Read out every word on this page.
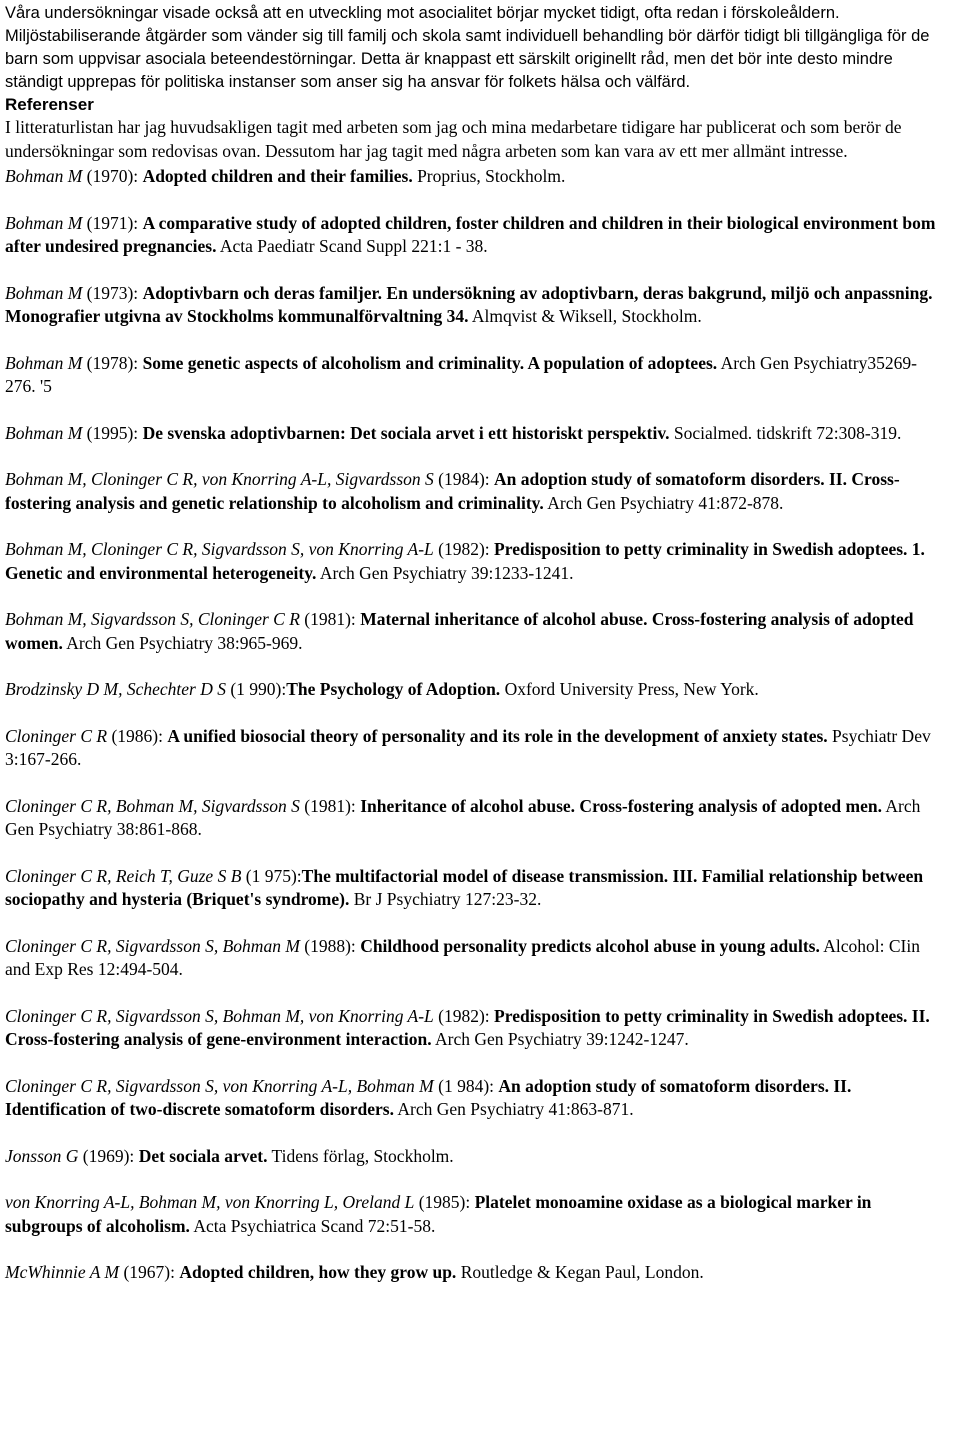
Våra undersökningar visade också att en utveckling mot asocialitet börjar mycket tidigt, ofta redan i förskoleåldern. Miljöstabiliserande åtgärder som vänder sig till familj och skola samt individuell behandling bör därför tidigt bli tillgängliga för de barn som uppvisar asociala beteendestörningar. Detta är knappast ett särskilt originellt råd, men det bör inte desto mindre ständigt upprepas för politiska instanser som anser sig ha ansvar för folkets hälsa och välfärd.

Referenser

I litteraturlistan har jag huvudsakligen tagit med arbeten som jag och mina medarbetare tidigare har publicerat och som berör de undersökningar som redovisas ovan. Dessutom har jag tagit med några arbeten som kan vara av ett mer allmänt intresse.

Bohman M (1970): Adopted children and their families. Proprius, Stockholm.

Bohman M (1971): A comparative study of adopted children, foster children and children in their biological environment bom after undesired pregnancies. Acta Paediatr Scand Suppl 221:1 - 38.

Bohman M (1973): Adoptivbarn och deras familjer. En undersökning av adoptivbarn, deras bakgrund, miljö och anpassning. Monografier utgivna av Stockholms kommunalförvaltning 34. Almqvist & Wiksell, Stockholm.

Bohman M (1978): Some genetic aspects of alcoholism and criminality. A population of adoptees. Arch Gen Psychiatry35269-276. '5

Bohman M (1995): De svenska adoptivbarnen: Det sociala arvet i ett historiskt perspektiv. Socialmed. tidskrift 72:308-319.

Bohman M, Cloninger C R, von Knorring A-L, Sigvardsson S (1984): An adoption study of somatoform disorders. II. Cross-fostering analysis and genetic relationship to alcoholism and criminality. Arch Gen Psychiatry 41:872-878.

Bohman M, Cloninger C R, Sigvardsson S, von Knorring A-L (1982): Predisposition to petty criminality in Swedish adoptees. 1. Genetic and environmental heterogeneity. Arch Gen Psychiatry 39:1233-1241.

Bohman M, Sigvardsson S, Cloninger C R (1981): Maternal inheritance of alcohol abuse. Cross-fostering analysis of adopted women. Arch Gen Psychiatry 38:965-969.

Brodzinsky D M, Schechter D S (1 990):The Psychology of Adoption. Oxford University Press, New York.

Cloninger C R (1986): A unified biosocial theory of personality and its role in the development of anxiety states. Psychiatr Dev 3:167-266.

Cloninger C R, Bohman M, Sigvardsson S (1981): Inheritance of alcohol abuse. Cross-fostering analysis of adopted men. Arch Gen Psychiatry 38:861-868.

Cloninger C R, Reich T, Guze S B (1 975):The multifactorial model of disease transmission. III. Familial relationship between sociopathy and hysteria (Briquet's syndrome). Br J Psychiatry 127:23-32.

Cloninger C R, Sigvardsson S, Bohman M (1988): Childhood personality predicts alcohol abuse in young adults. Alcohol: CIin and Exp Res 12:494-504.

Cloninger C R, Sigvardsson S, Bohman M, von Knorring A-L (1982): Predisposition to petty criminality in Swedish adoptees. II. Cross-fostering analysis of gene-environment interaction. Arch Gen Psychiatry 39:1242-1247.

Cloninger C R, Sigvardsson S, von Knorring A-L, Bohman M (1 984): An adoption study of somatoform disorders. II. Identification of two-discrete somatoform disorders. Arch Gen Psychiatry 41:863-871.

Jonsson G (1969): Det sociala arvet. Tidens förlag, Stockholm.

von Knorring A-L, Bohman M, von Knorring L, Oreland L (1985): Platelet monoamine oxidase as a biological marker in subgroups of alcoholism. Acta Psychiatrica Scand 72:51-58.

McWhinnie A M (1967): Adopted children, how they grow up. Routledge & Kegan Paul, London.
